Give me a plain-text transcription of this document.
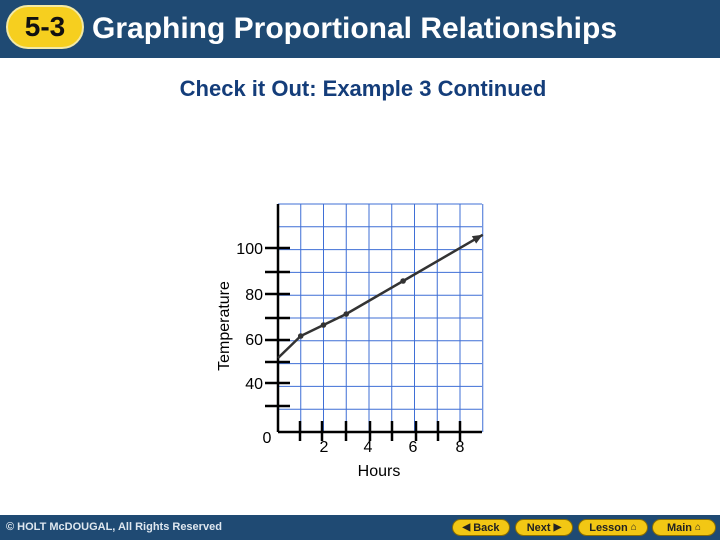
5-3 Graphing Proportional Relationships
Check it Out: Example 3 Continued
100
80
60
40
0
2 4 6 8
Hours
Temperature
© HOLT McDOUGAL, All Rights Reserved	◀ Back Next ▶	Lesson ⌂	Main ⌂
